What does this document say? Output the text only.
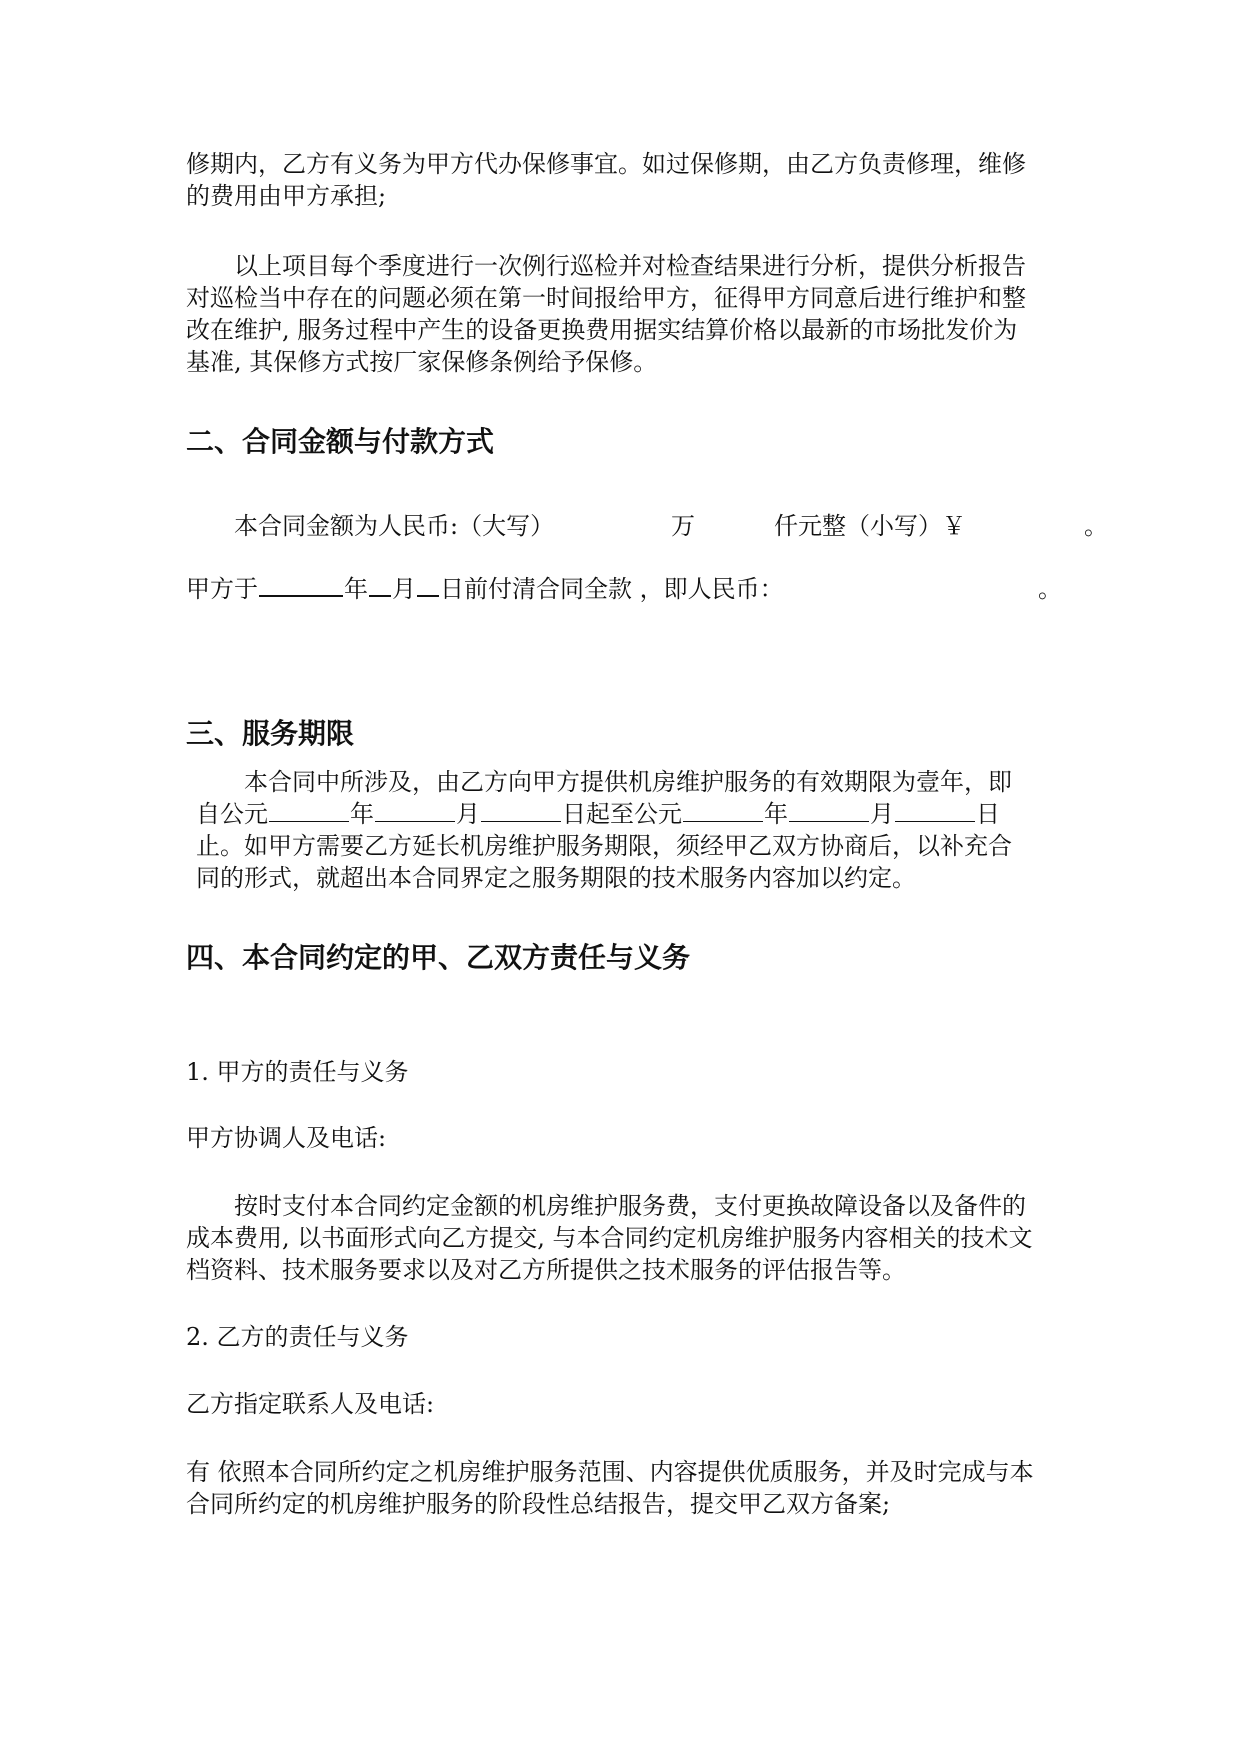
修期内，乙方有义务为甲方代办保修事宜。如过保修期，由乙方负责修理，维修

的费用由甲方承担;

以上项目每个季度进行一次例行巡检并对检查结果进行分析，提供分析报告

对巡检当中存在的问题必须在第一时间报给甲方，征得甲方同意后进行维护和整

改在维护, 服务过程中产生的设备更换费用据实结算价格以最新的市场批发价为

基准, 其保修方式按厂家保修条例给予保修。

二、合同金额与付款方式
本合同金额为人民币:（大写）	万	仟元整（小写）￥	。
甲方于	年 月 日前付清合同全款 ，即人民币：	。
三、服务期限

本合同中所涉及，由乙方向甲方提供机房维护服务的有效期限为壹年，即

自公元	年	月	日起至公元	年	月	日

止。如甲方需要乙方延长机房维护服务期限，须经甲乙双方协商后，以补充合

同的形式，就超出本合同界定之服务期限的技术服务内容加以约定。

四、本合同约定的甲、乙双方责任与义务

1. 甲方的责任与义务

甲方协调人及电话:

按时支付本合同约定金额的机房维护服务费，支付更换故障设备以及备件的

成本费用, 以书面形式向乙方提交, 与本合同约定机房维护服务内容相关的技术文

档资料、技术服务要求以及对乙方所提供之技术服务的评估报告等。

2. 乙方的责任与义务

乙方指定联系人及电话:

有 依照本合同所约定之机房维护服务范围、内容提供优质服务，并及时完成与本

合同所约定的机房维护服务的阶段性总结报告，提交甲乙双方备案;
